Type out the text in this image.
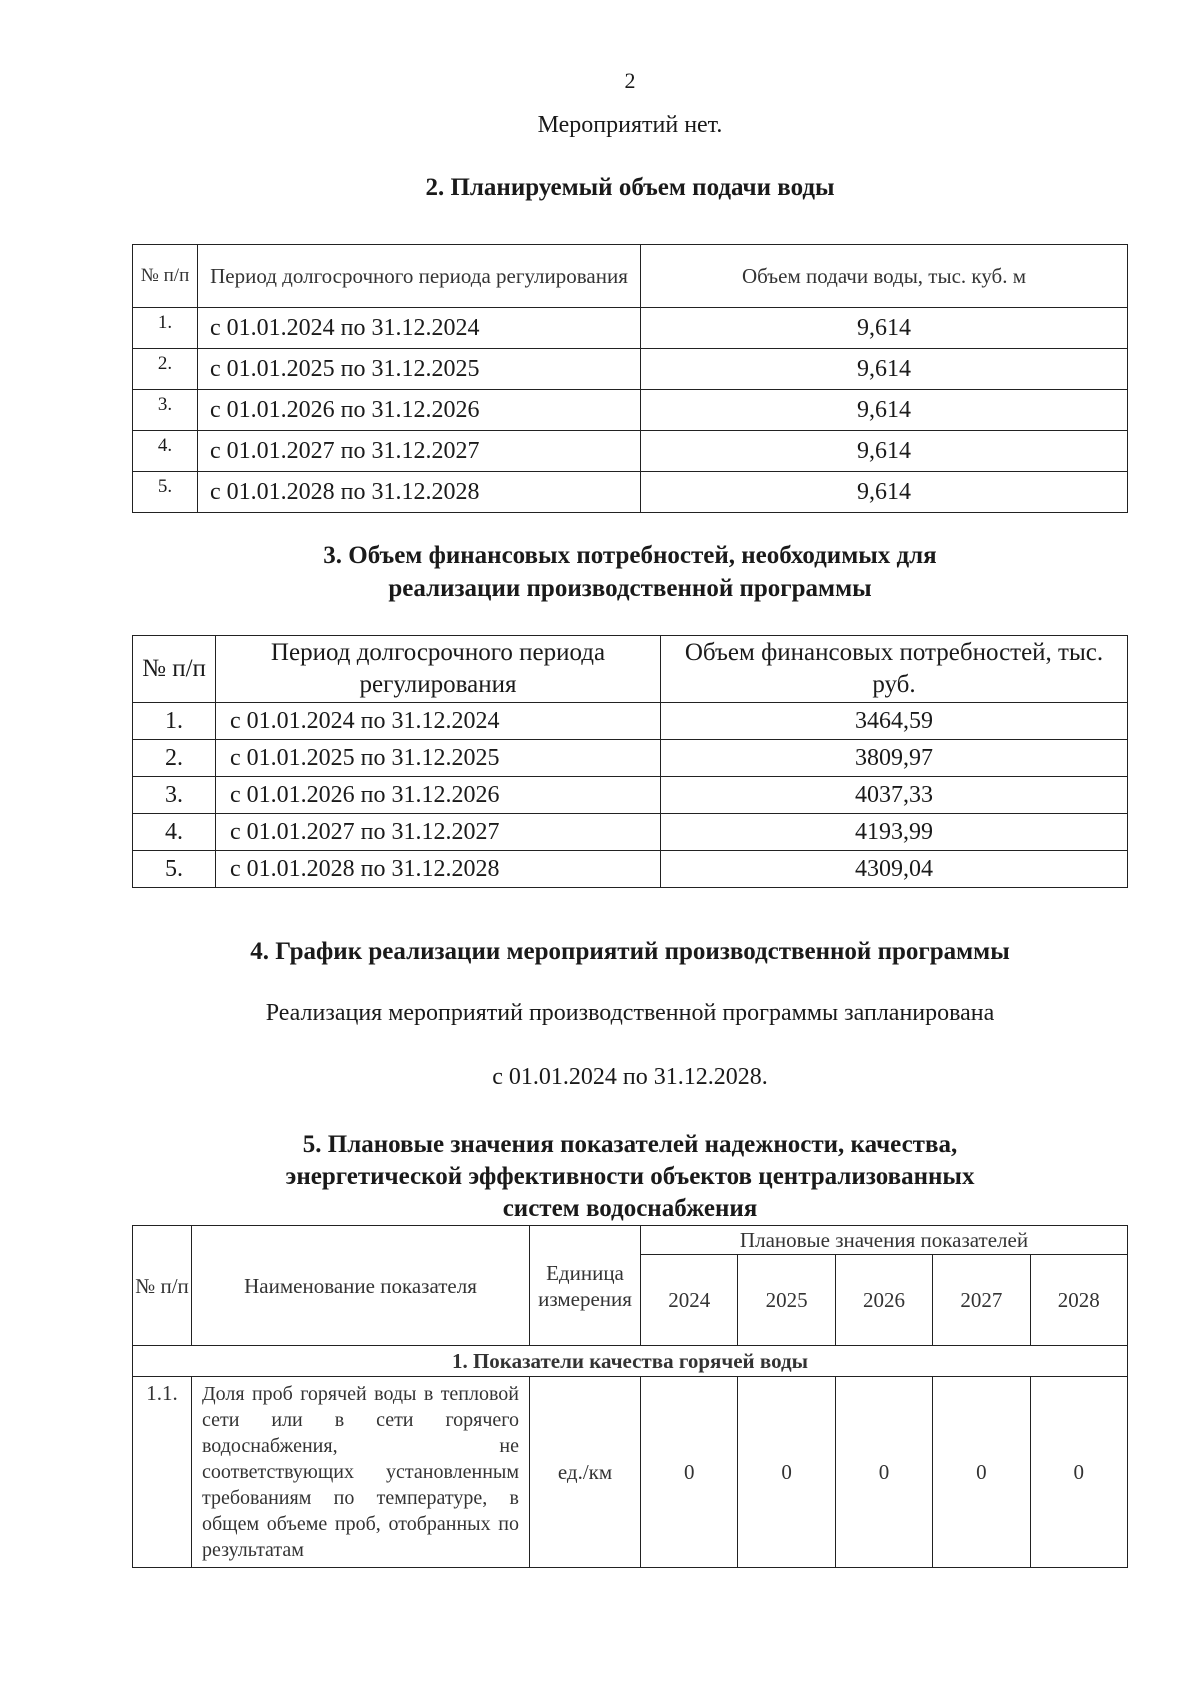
2
Мероприятий нет.
2. Планируемый объем подачи воды
№ п/п	Период долгосрочного периода регулирования	Объем подачи воды, тыс. куб. м
1.	с 01.01.2024 по 31.12.2024	9,614
2.	с 01.01.2025 по 31.12.2025	9,614
3.	с 01.01.2026 по 31.12.2026	9,614
4.	с 01.01.2027 по 31.12.2027	9,614
5.	с 01.01.2028 по 31.12.2028	9,614
3. Объем финансовых потребностей, необходимых для
реализации производственной программы
№ п/п	Период долгосрочного периода регулирования	Объем финансовых потребностей, тыс. руб.
1.	с 01.01.2024 по 31.12.2024	3464,59
2.	с 01.01.2025 по 31.12.2025	3809,97
3.	с 01.01.2026 по 31.12.2026	4037,33
4.	с 01.01.2027 по 31.12.2027	4193,99
5.	с 01.01.2028 по 31.12.2028	4309,04
4. График реализации мероприятий производственной программы
Реализация мероприятий производственной программы запланирована
с 01.01.2024 по 31.12.2028.
5. Плановые значения показателей надежности, качества,
энергетической эффективности объектов централизованных
систем водоснабжения
№ п/п	Наименование показателя	Единица измерения	Плановые значения показателей				
			2024	2025	2026	2027	2028
1. Показатели качества горячей воды							
1.1.	Доля проб горячей воды в тепловой сети или в сети горячего водоснабжения, не соответствующих установленным требованиям по температуре, в общем объеме проб, отобранных по результатам	ед./км	0	0	0	0	0
